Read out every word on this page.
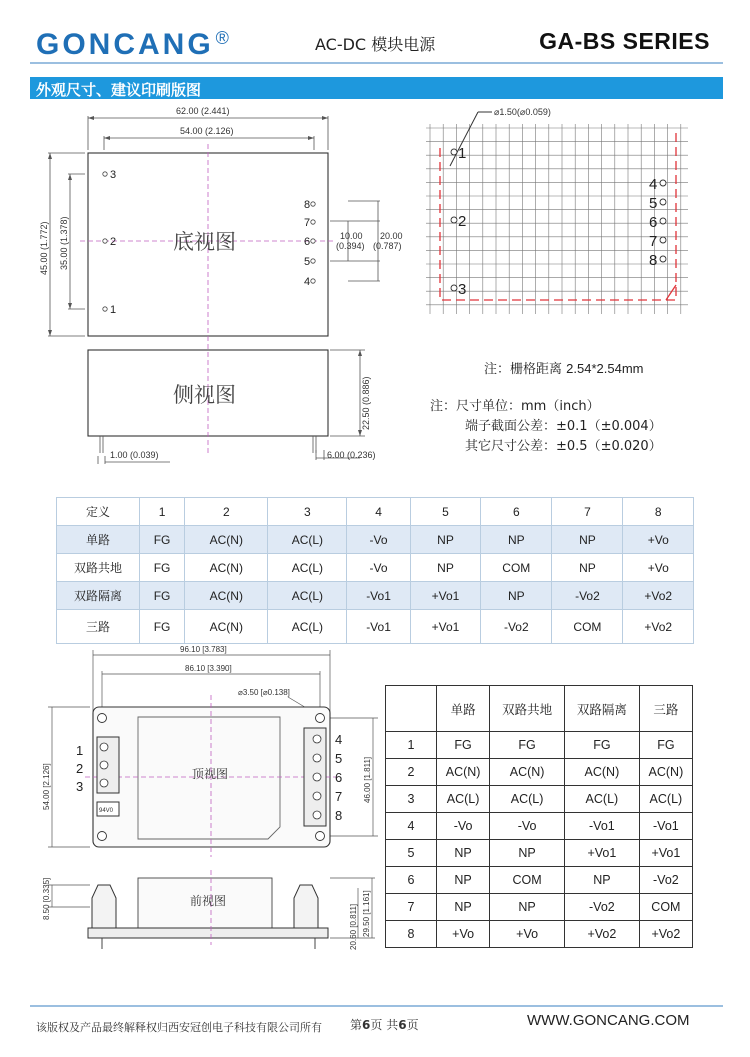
GONCANG ®	AC-DC 模块电源	GA-BS SERIES
外观尺寸、建议印刷版图
3
2
1
8
7
6
5
4
62.00 (2.441)
54.00 (2.126)
45.00 (1.772) 35.00 (1.378)	10.00
(0.394)
20.00
(0.787)
22.50 (0.886)
1.00 (0.039)	6.00 (0.236)
底视图
侧视图
1
2
3
4
5
6
7
8
⌀1.50(⌀0.059)
注：栅格距离 2.54*2.54mm
注：尺寸单位：mm（inch）
端子截面公差：±0.1（±0.004）
其它尺寸公差：±0.5（±0.020）
定义	1	2	3	4	5	6	7	8
单路	FG	AC(N)	AC(L)	-Vo	NP	NP	NP	+Vo
双路共地	FG	AC(N)	AC(L)	-Vo	NP	COM	NP	+Vo
双路隔离	FG	AC(N)	AC(L)	-Vo1	+Vo1	NP	-Vo2	+Vo2
三路	FG	AC(N)	AC(L)	-Vo1	+Vo1	-Vo2	COM	+Vo2
94V0
1
2
3
4
5
6
7
8
顶视图
前视图
96.10 [3.783]
86.10 [3.390]
⌀3.50 [⌀0.138]
54.00 [2.126]	46.00 [1.811]
8.50 [0.335]
20.60 [0.811] 29.50 [1.161]
	单路	双路共地	双路隔离	三路
1	FG	FG	FG	FG
2	AC(N)	AC(N)	AC(N)	AC(N)
3	AC(L)	AC(L)	AC(L)	AC(L)
4	-Vo	-Vo	-Vo1	-Vo1
5	NP	NP	+Vo1	+Vo1
6	NP	COM	NP	-Vo2
7	NP	NP	-Vo2	COM
8	+Vo	+Vo	+Vo2	+Vo2
该版权及产品最终解释权归西安冠创电子科技有限公司所有 第6页 共6页	WWW.GONCANG.COM
